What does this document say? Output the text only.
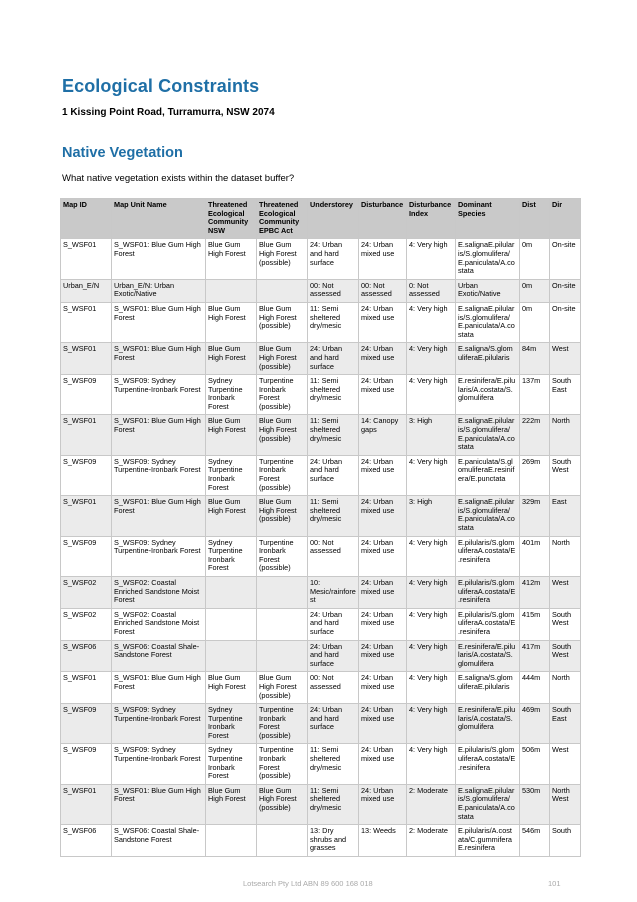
Ecological Constraints

1 Kissing Point Road, Turramurra, NSW 2074

Native Vegetation

What native vegetation exists within the dataset buffer?

Map ID	Map Unit Name	Threatened Ecological Community NSW	Threatened Ecological Community EPBC Act	Understorey	Disturbance	Disturbance Index	Dominant Species	Dist	Dir
S_WSF01	S_WSF01: Blue Gum High Forest	Blue Gum High Forest	Blue Gum High Forest (possible)	24: Urban and hard surface	24: Urban mixed use	4: Very high	E.salignaE.pilular is/S.glomulifera/ E.paniculata/A.co stata	0m	On-site
Urban_E/N	Urban_E/N: Urban Exotic/Native			00: Not assessed	00: Not assessed	0: Not assessed	Urban Exotic/Native	0m	On-site
S_WSF01	S_WSF01: Blue Gum High Forest	Blue Gum High Forest	Blue Gum High Forest (possible)	11: Semi sheltered dry/mesic	24: Urban mixed use	4: Very high	E.salignaE.pilular is/S.glomulifera/ E.paniculata/A.co stata	0m	On-site
S_WSF01	S_WSF01: Blue Gum High Forest	Blue Gum High Forest	Blue Gum High Forest (possible)	24: Urban and hard surface	24: Urban mixed use	4: Very high	E.saligna/S.glom uliferaE.pilularis	84m	West
S_WSF09	S_WSF09: Sydney Turpentine-Ironbark Forest	Sydney Turpentine Ironbark Forest	Turpentine Ironbark Forest (possible)	11: Semi sheltered dry/mesic	24: Urban mixed use	4: Very high	E.resinifera/E.pilu laris/A.costata/S. glomulifera	137m	South East
S_WSF01	S_WSF01: Blue Gum High Forest	Blue Gum High Forest	Blue Gum High Forest (possible)	11: Semi sheltered dry/mesic	14: Canopy gaps	3: High	E.salignaE.pilular is/S.glomulifera/ E.paniculata/A.co stata	222m	North
S_WSF09	S_WSF09: Sydney Turpentine-Ironbark Forest	Sydney Turpentine Ironbark Forest	Turpentine Ironbark Forest (possible)	24: Urban and hard surface	24: Urban mixed use	4: Very high	E.paniculata/S.gl omuliferaE.resinif era/E.punctata	269m	South West
S_WSF01	S_WSF01: Blue Gum High Forest	Blue Gum High Forest	Blue Gum High Forest (possible)	11: Semi sheltered dry/mesic	24: Urban mixed use	3: High	E.salignaE.pilular is/S.glomulifera/ E.paniculata/A.co stata	329m	East
S_WSF09	S_WSF09: Sydney Turpentine-Ironbark Forest	Sydney Turpentine Ironbark Forest	Turpentine Ironbark Forest (possible)	00: Not assessed	24: Urban mixed use	4: Very high	E.pilularis/S.glom uliferaA.costata/E .resinifera	401m	North
S_WSF02	S_WSF02: Coastal Enriched Sandstone Moist Forest			10: Mesic/rainfore st	24: Urban mixed use	4: Very high	E.pilularis/S.glom uliferaA.costata/E .resinifera	412m	West
S_WSF02	S_WSF02: Coastal Enriched Sandstone Moist Forest			24: Urban and hard surface	24: Urban mixed use	4: Very high	E.pilularis/S.glom uliferaA.costata/E .resinifera	415m	South West
S_WSF06	S_WSF06: Coastal Shale-Sandstone Forest			24: Urban and hard surface	24: Urban mixed use	4: Very high	E.resinifera/E.pilu laris/A.costata/S. glomulifera	417m	South West
S_WSF01	S_WSF01: Blue Gum High Forest	Blue Gum High Forest	Blue Gum High Forest (possible)	00: Not assessed	24: Urban mixed use	4: Very high	E.saligna/S.glom uliferaE.pilularis	444m	North
S_WSF09	S_WSF09: Sydney Turpentine-Ironbark Forest	Sydney Turpentine Ironbark Forest	Turpentine Ironbark Forest (possible)	24: Urban and hard surface	24: Urban mixed use	4: Very high	E.resinifera/E.pilu laris/A.costata/S. glomulifera	469m	South East
S_WSF09	S_WSF09: Sydney Turpentine-Ironbark Forest	Sydney Turpentine Ironbark Forest	Turpentine Ironbark Forest (possible)	11: Semi sheltered dry/mesic	24: Urban mixed use	4: Very high	E.pilularis/S.glom uliferaA.costata/E .resinifera	506m	West
S_WSF01	S_WSF01: Blue Gum High Forest	Blue Gum High Forest	Blue Gum High Forest (possible)	11: Semi sheltered dry/mesic	24: Urban mixed use	2: Moderate	E.salignaE.pilular is/S.glomulifera/ E.paniculata/A.co stata	530m	North West
S_WSF06	S_WSF06: Coastal Shale-Sandstone Forest			13: Dry shrubs and grasses	13: Weeds	2: Moderate	E.pilularis/A.cost ata/C.gummifera E.resinifera	546m	South
Lotsearch Pty Ltd ABN 89 600 168 018	101
